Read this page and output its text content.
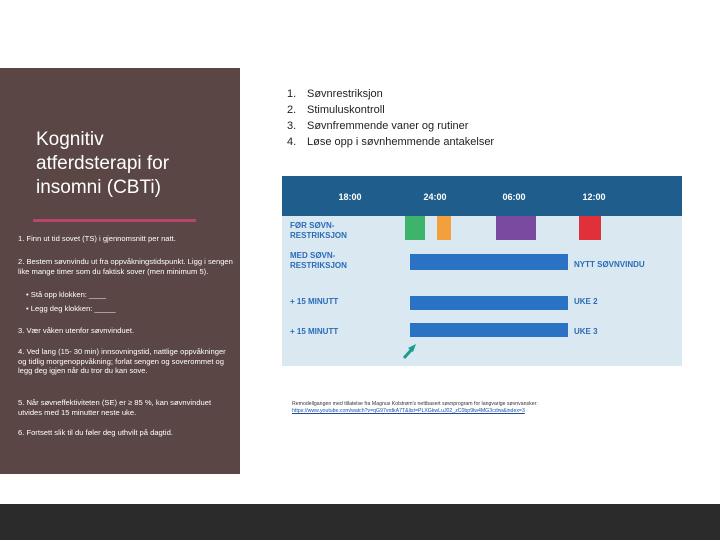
Kognitiv
atferdsterapi for
insomni (CBTi)

1. Finn ut tid sovet (TS) i gjennomsnitt per natt.

2. Bestem søvnvindu ut fra oppvåkningstidspunkt. Ligg i sengen like mange timer som du faktisk sover (men minimum 5).

• Stå opp klokken: ____

• Legg deg klokken: _____

3. Vær våken utenfor søvnvinduet.

4. Ved lang (15- 30 min) innsovningstid, nattlige oppvåkninger og tidlig morgenoppvåkning; forlat sengen og soverommet og legg deg igjen når du tror du kan sove.

5. Når søvneffektiviteten (SE) er ≥ 85 %, kan søvnvinduet utvides med 15 minutter neste uke.

6. Fortsett slik til du føler deg uthvilt på dagtid.

1. Søvnrestriksjon
2. Stimuluskontroll
3. Søvnfremmende vaner og rutiner
4. Løse opp i søvnhemmende antakelser
18:00	24:00	06:00	12:00
FØR SØVN-
RESTRIKSJON
MED SØVN-
RESTRIKSJON
+ 15 MINUTT
+ 15 MINUTT
NYTT SØVNVINDU
UKE 2
UKE 3
Remodellgangen med tillatelse fra Magnus Kolstrøm's nettbasert søvnprogram for langvarige søvnvansker:
https://www.youtube.com/watch?v=qG97vrdkA7T&list=PLXGkwLuJ02_zC0bp9lw4MG3cdrw&index=3
